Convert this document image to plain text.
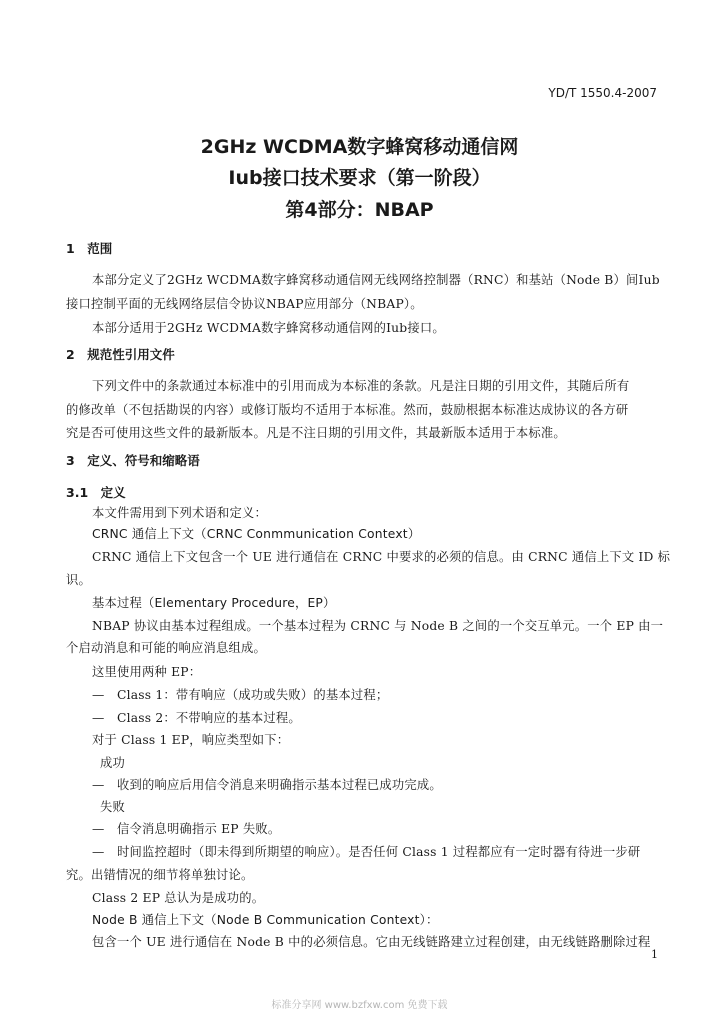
YD/T 1550.4-2007
2GHz WCDMA数字蜂窝移动通信网
Iub接口技术要求（第一阶段）
第4部分：NBAP
1　范围
本部分定义了2GHz WCDMA数字蜂窝移动通信网无线网络控制器（RNC）和基站（Node B）间Iub
接口控制平面的无线网络层信令协议NBAP应用部分（NBAP）。
本部分适用于2GHz WCDMA数字蜂窝移动通信网的Iub接口。
2　规范性引用文件
下列文件中的条款通过本标准中的引用而成为本标准的条款。凡是注日期的引用文件，其随后所有
的修改单（不包括勘误的内容）或修订版均不适用于本标准。然而，鼓励根据本标准达成协议的各方研
究是否可使用这些文件的最新版本。凡是不注日期的引用文件，其最新版本适用于本标准。
3　定义、符号和缩略语
3.1　定义
本文件需用到下列术语和定义：
CRNC 通信上下文（CRNC Conmmunication Context）
CRNC 通信上下文包含一个 UE 进行通信在 CRNC 中要求的必须的信息。由 CRNC 通信上下文 ID 标
识。
基本过程（Elementary Procedure，EP）
NBAP 协议由基本过程组成。一个基本过程为 CRNC 与 Node B 之间的一个交互单元。一个 EP 由一
个启动消息和可能的响应消息组成。
这里使用两种 EP：
—　Class 1：带有响应（成功或失败）的基本过程；
—　Class 2：不带响应的基本过程。
对于 Class 1 EP，响应类型如下：
成功
—　收到的响应后用信令消息来明确指示基本过程已成功完成。
失败
—　信令消息明确指示 EP 失败。
—　时间监控超时（即未得到所期望的响应）。是否任何 Class 1 过程都应有一定时器有待进一步研
究。出错情况的细节将单独讨论。
Class 2 EP 总认为是成功的。
Node B 通信上下文（Node B Communication Context）：
包含一个 UE 进行通信在 Node B 中的必须信息。它由无线链路建立过程创建，由无线链路删除过程
1
标准分享网 www.bzfxw.com 免费下载
